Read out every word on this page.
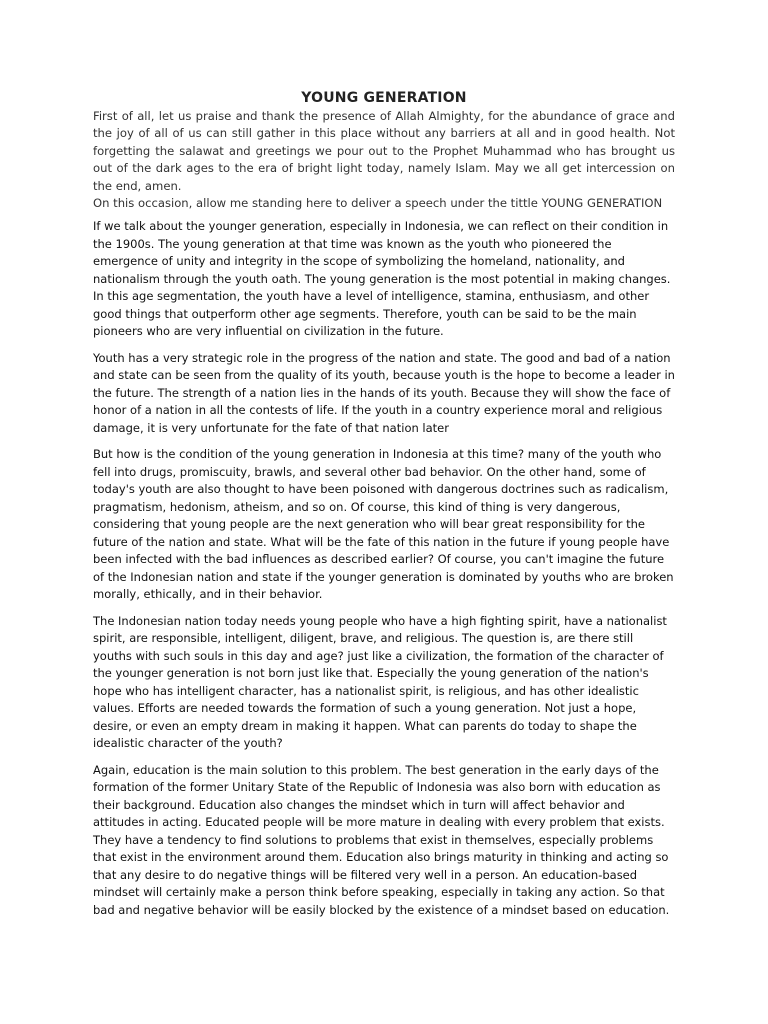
YOUNG GENERATION

First of all, let us praise and thank the presence of Allah Almighty, for the abundance of grace and the joy of all of us can still gather in this place without any barriers at all and in good health. Not forgetting the salawat and greetings we pour out to the Prophet Muhammad who has brought us out of the dark ages to the era of bright light today, namely Islam. May we all get intercession on the end, amen.

On this occasion, allow me standing here to deliver a speech under the tittle YOUNG GENERATION

If we talk about the younger generation, especially in Indonesia, we can reflect on their condition in the 1900s. The young generation at that time was known as the youth who pioneered the emergence of unity and integrity in the scope of symbolizing the homeland, nationality, and nationalism through the youth oath. The young generation is the most potential in making changes. In this age segmentation, the youth have a level of intelligence, stamina, enthusiasm, and other good things that outperform other age segments. Therefore, youth can be said to be the main pioneers who are very influential on civilization in the future.

Youth has a very strategic role in the progress of the nation and state. The good and bad of a nation and state can be seen from the quality of its youth, because youth is the hope to become a leader in the future. The strength of a nation lies in the hands of its youth. Because they will show the face of honor of a nation in all the contests of life. If the youth in a country experience moral and religious damage, it is very unfortunate for the fate of that nation later

But how is the condition of the young generation in Indonesia at this time? many of the youth who fell into drugs, promiscuity, brawls, and several other bad behavior. On the other hand, some of today's youth are also thought to have been poisoned with dangerous doctrines such as radicalism, pragmatism, hedonism, atheism, and so on. Of course, this kind of thing is very dangerous, considering that young people are the next generation who will bear great responsibility for the future of the nation and state. What will be the fate of this nation in the future if young people have been infected with the bad influences as described earlier? Of course, you can't imagine the future of the Indonesian nation and state if the younger generation is dominated by youths who are broken morally, ethically, and in their behavior.

The Indonesian nation today needs young people who have a high fighting spirit, have a nationalist spirit, are responsible, intelligent, diligent, brave, and religious. The question is, are there still youths with such souls in this day and age? just like a civilization, the formation of the character of the younger generation is not born just like that. Especially the young generation of the nation's hope who has intelligent character, has a nationalist spirit, is religious, and has other idealistic values. Efforts are needed towards the formation of such a young generation. Not just a hope, desire, or even an empty dream in making it happen. What can parents do today to shape the idealistic character of the youth?

Again, education is the main solution to this problem. The best generation in the early days of the formation of the former Unitary State of the Republic of Indonesia was also born with education as their background. Education also changes the mindset which in turn will affect behavior and attitudes in acting. Educated people will be more mature in dealing with every problem that exists. They have a tendency to find solutions to problems that exist in themselves, especially problems that exist in the environment around them. Education also brings maturity in thinking and acting so that any desire to do negative things will be filtered very well in a person. An education-based mindset will certainly make a person think before speaking, especially in taking any action. So that bad and negative behavior will be easily blocked by the existence of a mindset based on education.
